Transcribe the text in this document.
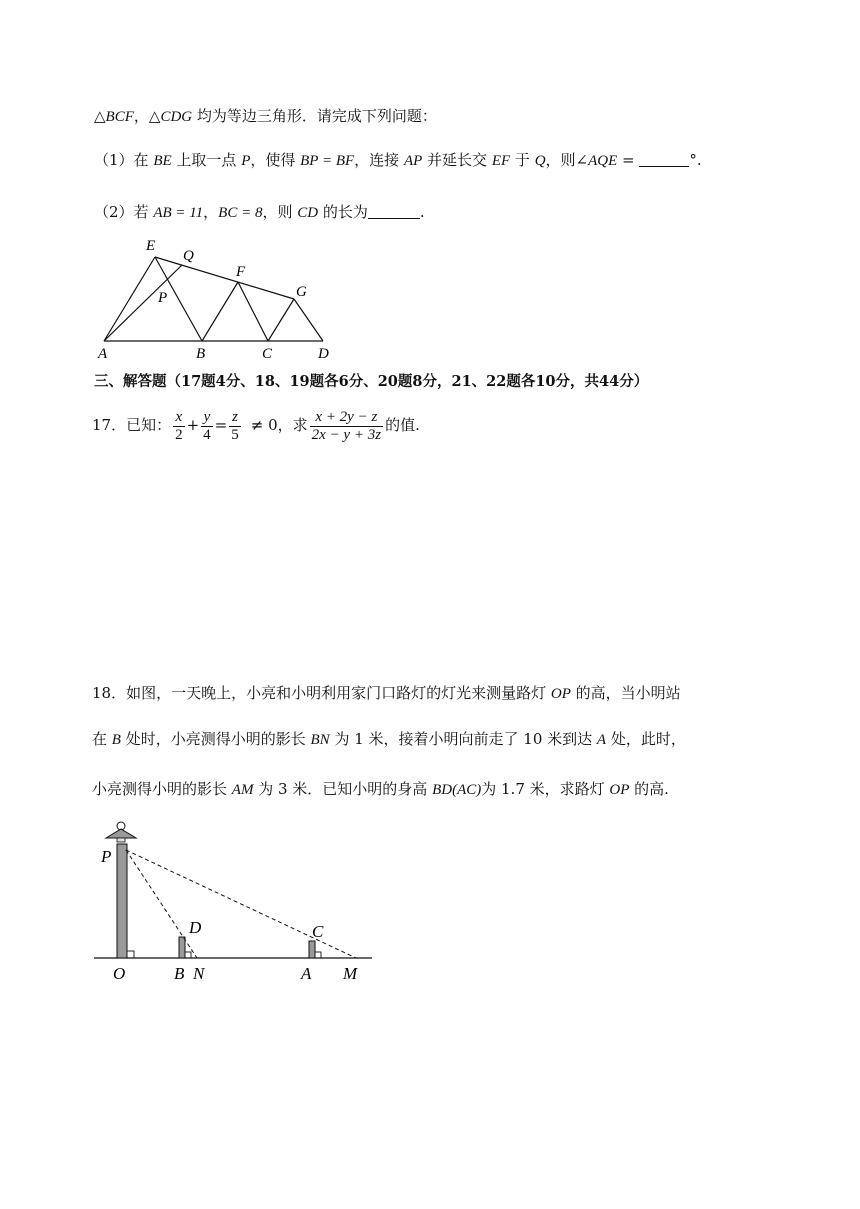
△BCF，△CDG 均为等边三角形．请完成下列问题：
（1）在 BE 上取一点 P，使得 BP = BF，连接 AP 并延长交 EF 于 Q，则∠AQE =	°.
（2）若 AB = 11，BC = 8，则 CD 的长为	.
E
Q
F
G
P
A	B	C	D
三、解答题（17题4分、18、19题各6分、20题8分，21、22题各10分，共44分）
17．已知： $\frac{x}{2} + \frac{y}{4} = \frac{z}{5} \ne 0$，求 $\frac{x + 2y - z}{2x - y + 3z}$ 的值.
18．如图，一天晚上，小亮和小明利用家门口路灯的灯光来测量路灯 OP 的高，当小明站
在 B 处时，小亮测得小明的影长 BN 为 1 米，接着小明向前走了 10 米到达 A 处，此时，
小亮测得小明的影长 AM 为 3 米．已知小明的身高 BD(AC)为 1.7 米，求路灯 OP 的高.
P
D	C
O	B N	A M
